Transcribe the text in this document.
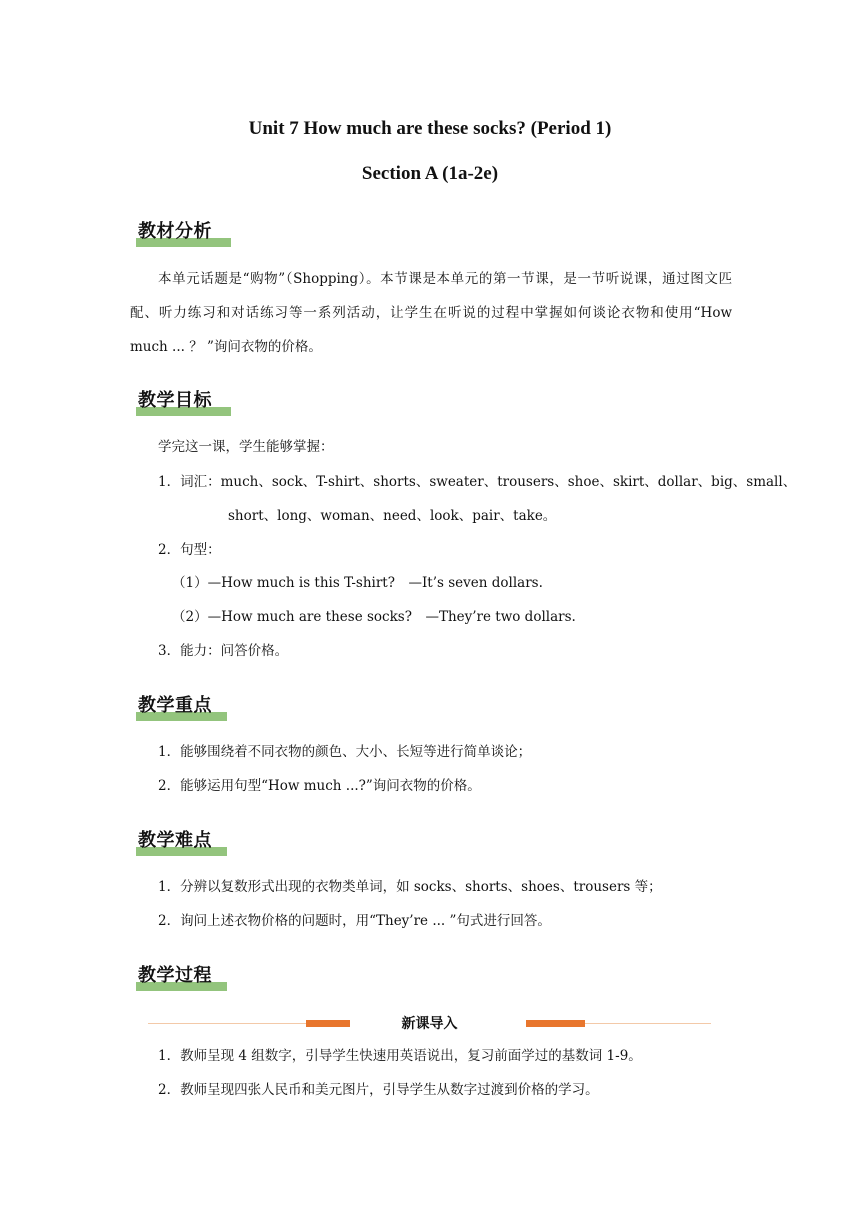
Unit 7 How much are these socks? (Period 1)
Section A (1a-2e)
教材分析
本单元话题是“购物”（Shopping）。本节课是本单元的第一节课，是一节听说课，通过图文匹配、听力练习和对话练习等一系列活动，让学生在听说的过程中掌握如何谈论衣物和使用“How much ... ？ ”询问衣物的价格。
教学目标
学完这一课，学生能够掌握：
1．词汇：much、sock、T-shirt、shorts、sweater、trousers、shoe、skirt、dollar、big、small、
short、long、woman、need、look、pair、take。
2．句型：
（1）—How much is this T-shirt?　—It’s seven dollars.
（2）—How much are these socks?　—They’re two dollars.
3．能力：问答价格。
教学重点
1．能够围绕着不同衣物的颜色、大小、长短等进行简单谈论；
2．能够运用句型“How much ...?”询问衣物的价格。
教学难点
1．分辨以复数形式出现的衣物类单词，如 socks、shorts、shoes、trousers 等；
2．询问上述衣物价格的问题时，用“They’re ... ”句式进行回答。
教学过程
新课导入
1．教师呈现 4 组数字，引导学生快速用英语说出，复习前面学过的基数词 1-9。
2．教师呈现四张人民币和美元图片，引导学生从数字过渡到价格的学习。
